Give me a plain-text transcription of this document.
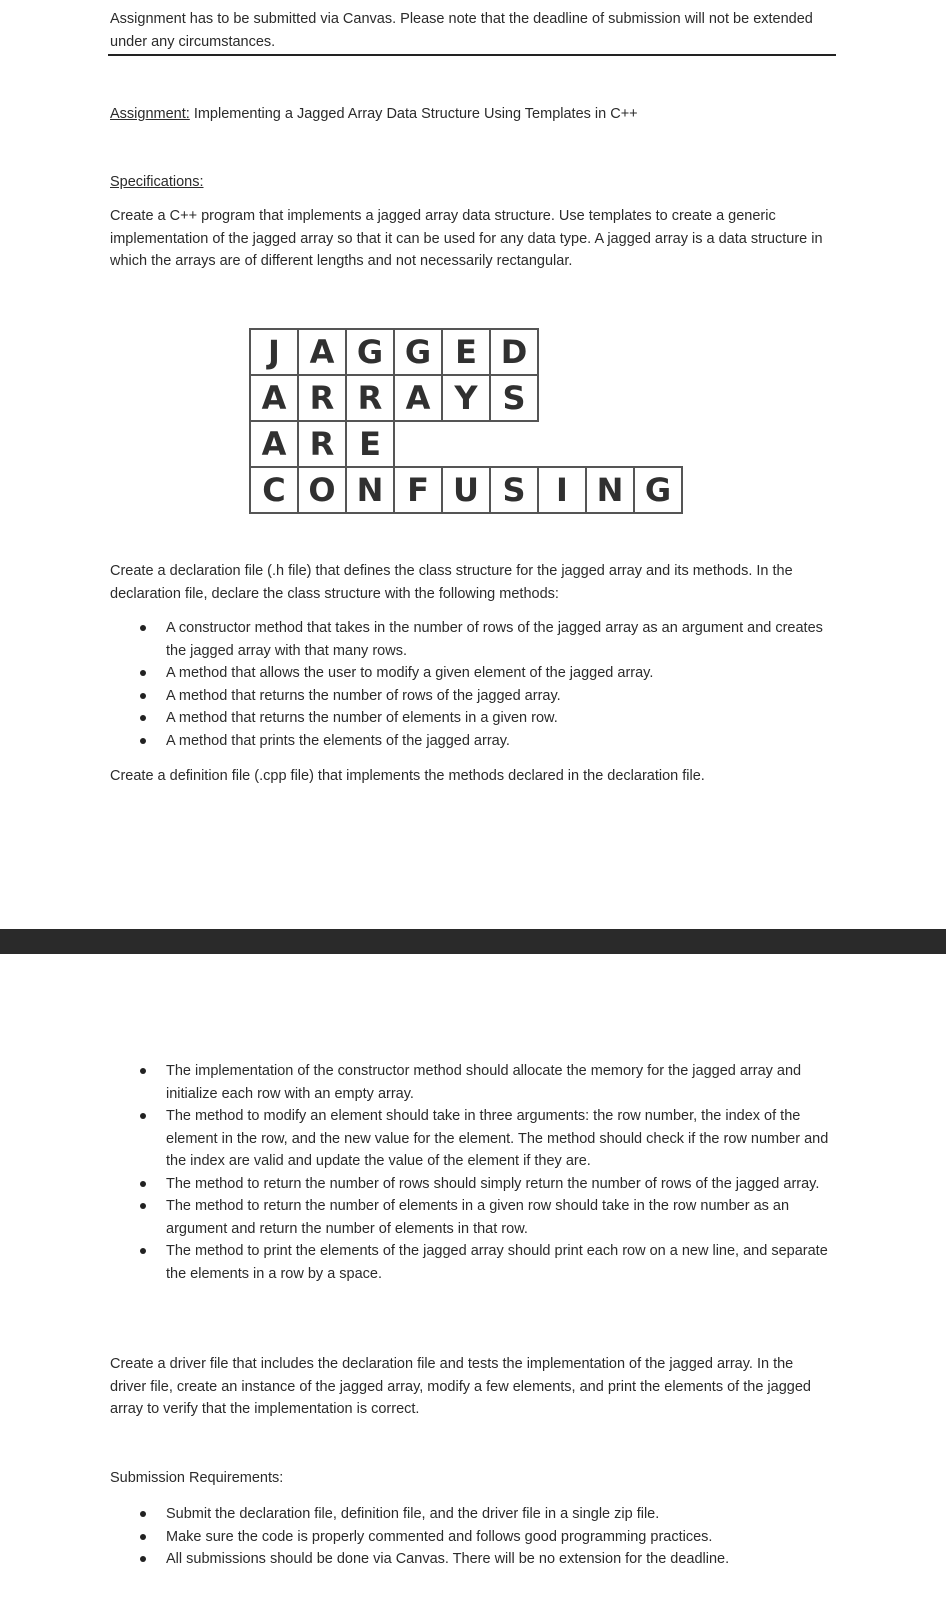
Assignment has to be submitted via Canvas. Please note that the deadline of submission will not be extended under any circumstances.

Assignment: Implementing a Jagged Array Data Structure Using Templates in C++

Specifications:

Create a C++ program that implements a jagged array data structure. Use templates to create a generic implementation of the jagged array so that it can be used for any data type. A jagged array is a data structure in which the arrays are of different lengths and not necessarily rectangular.

J A G G E D
A R R A Y S
A R E
C O N F U S I N G

Create a declaration file (.h file) that defines the class structure for the jagged array and its methods. In the declaration file, declare the class structure with the following methods:

A constructor method that takes in the number of rows of the jagged array as an argument and creates the jagged array with that many rows.
A method that allows the user to modify a given element of the jagged array.
A method that returns the number of rows of the jagged array.
A method that returns the number of elements in a given row.
A method that prints the elements of the jagged array.

Create a definition file (.cpp file) that implements the methods declared in the declaration file.

The implementation of the constructor method should allocate the memory for the jagged array and initialize each row with an empty array.
The method to modify an element should take in three arguments: the row number, the index of the element in the row, and the new value for the element. The method should check if the row number and the index are valid and update the value of the element if they are.
The method to return the number of rows should simply return the number of rows of the jagged array.
The method to return the number of elements in a given row should take in the row number as an argument and return the number of elements in that row.
The method to print the elements of the jagged array should print each row on a new line, and separate the elements in a row by a space.

Create a driver file that includes the declaration file and tests the implementation of the jagged array. In the driver file, create an instance of the jagged array, modify a few elements, and print the elements of the jagged array to verify that the implementation is correct.

Submission Requirements:

Submit the declaration file, definition file, and the driver file in a single zip file.
Make sure the code is properly commented and follows good programming practices.
All submissions should be done via Canvas. There will be no extension for the deadline.
